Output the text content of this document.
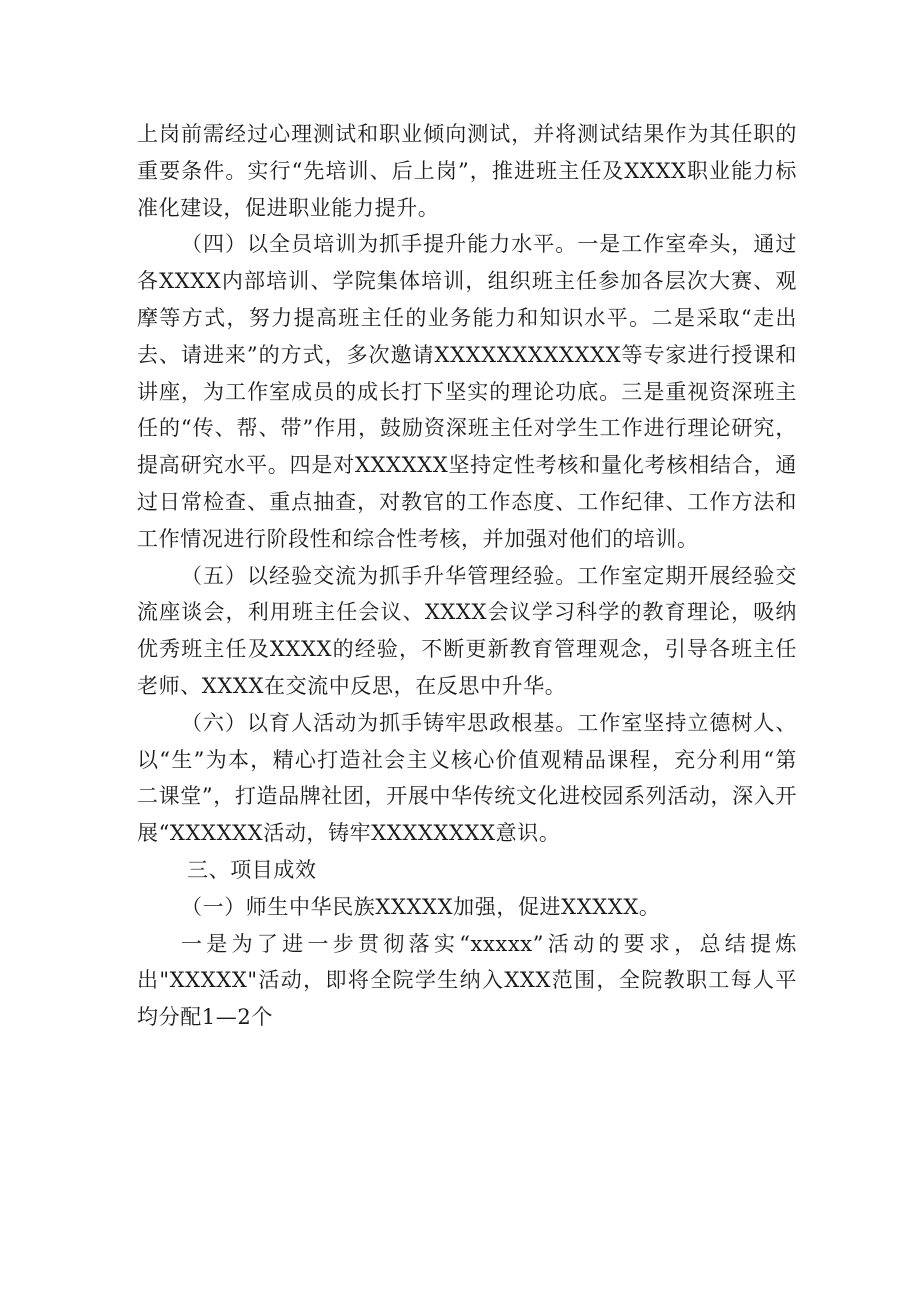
上岗前需经过心理测试和职业倾向测试，并将测试结果作为其任职的重要条件。实行“先培训、后上岗”，推进班主任及XXXX职业能力标准化建设，促进职业能力提升。

（四）以全员培训为抓手提升能力水平。一是工作室牵头，通过各XXXX内部培训、学院集体培训，组织班主任参加各层次大赛、观摩等方式，努力提高班主任的业务能力和知识水平。二是采取“走出去、请进来”的方式，多次邀请XXXXXXXXXXXX等专家进行授课和讲座，为工作室成员的成长打下坚实的理论功底。三是重视资深班主任的“传、帮、带”作用，鼓励资深班主任对学生工作进行理论研究，提高研究水平。四是对XXXXXX坚持定性考核和量化考核相结合，通过日常检查、重点抽查，对教官的工作态度、工作纪律、工作方法和工作情况进行阶段性和综合性考核，并加强对他们的培训。

（五）以经验交流为抓手升华管理经验。工作室定期开展经验交流座谈会，利用班主任会议、XXXX会议学习科学的教育理论，吸纳优秀班主任及XXXX的经验，不断更新教育管理观念，引导各班主任老师、XXXX在交流中反思，在反思中升华。

（六）以育人活动为抓手铸牢思政根基。工作室坚持立德树人、以“生”为本，精心打造社会主义核心价值观精品课程，充分利用“第二课堂”，打造品牌社团，开展中华传统文化进校园系列活动，深入开展“XXXXXX活动，铸牢XXXXXXXX意识。

三、项目成效

（一）师生中华民族XXXXX加强，促进XXXXX。

一是为了进一步贯彻落实“xxxxx”活动的要求，总结提炼出"XXXXX"活动，即将全院学生纳入XXX范围，全院教职工每人平均分配1—2个
